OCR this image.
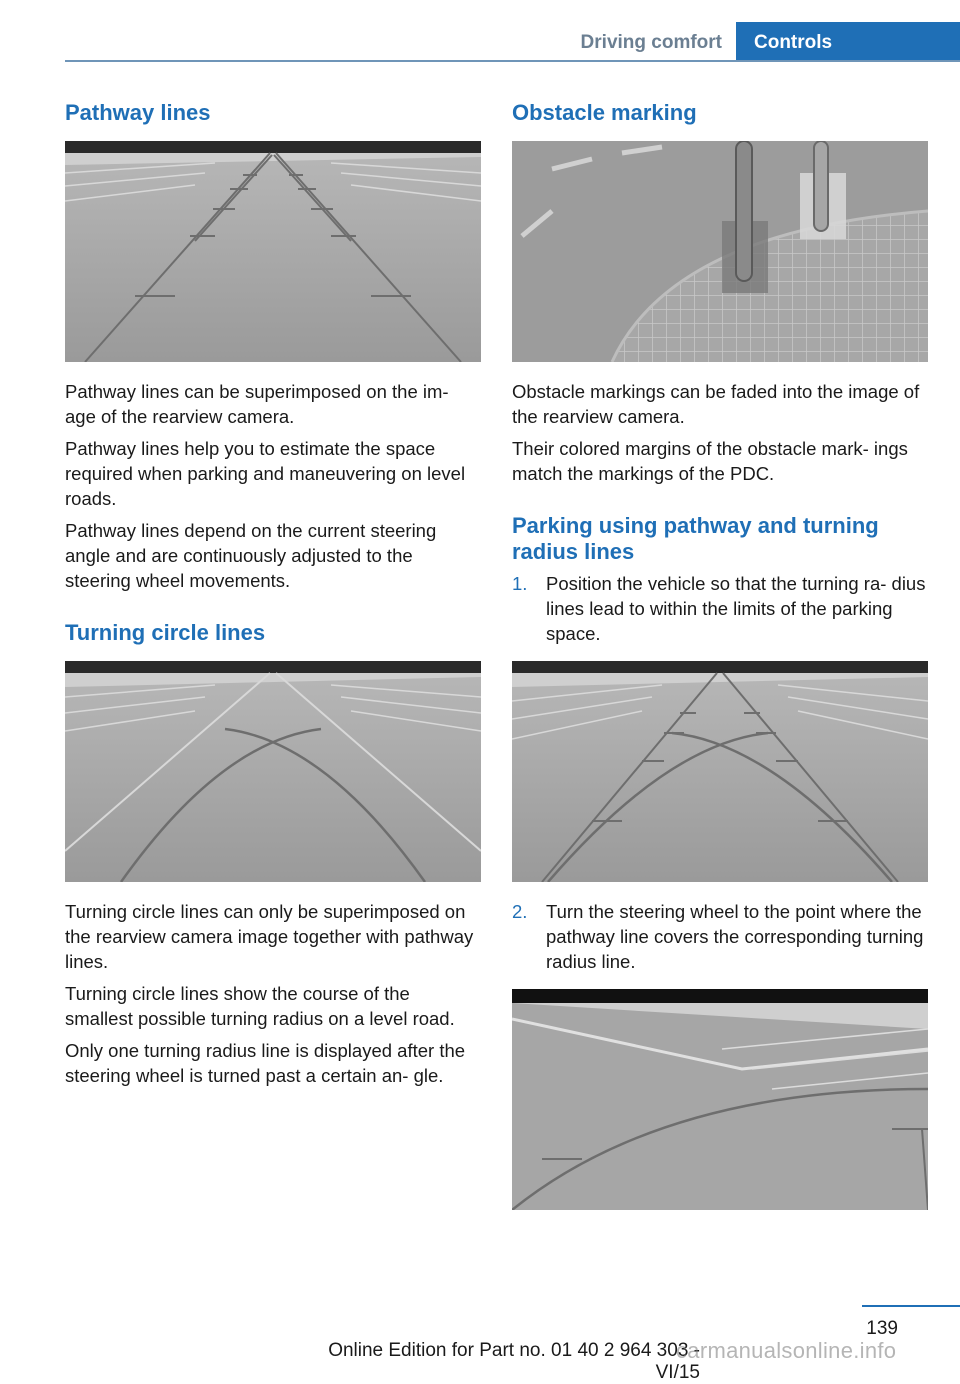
Driving comfort	Controls
Pathway lines

Pathway lines can be superimposed on the im‐ age of the rearview camera.

Pathway lines help you to estimate the space required when parking and maneuvering on level roads.

Pathway lines depend on the current steering angle and are continuously adjusted to the steering wheel movements.

Turning circle lines

Turning circle lines can only be superimposed on the rearview camera image together with pathway lines.

Turning circle lines show the course of the smallest possible turning radius on a level road.

Only one turning radius line is displayed after the steering wheel is turned past a certain an‐ gle.

Obstacle marking

Obstacle markings can be faded into the image of the rearview camera.

Their colored margins of the obstacle mark‐ ings match the markings of the PDC.

Parking using pathway and turning radius lines
1. Position the vehicle so that the turning ra‐ dius lines lead to within the limits of the parking space.
2. Turn the steering wheel to the point where the pathway line covers the corresponding turning radius line.
139
Online Edition for Part no. 01 40 2 964 303 - VI/15
carmanualsonline.info
